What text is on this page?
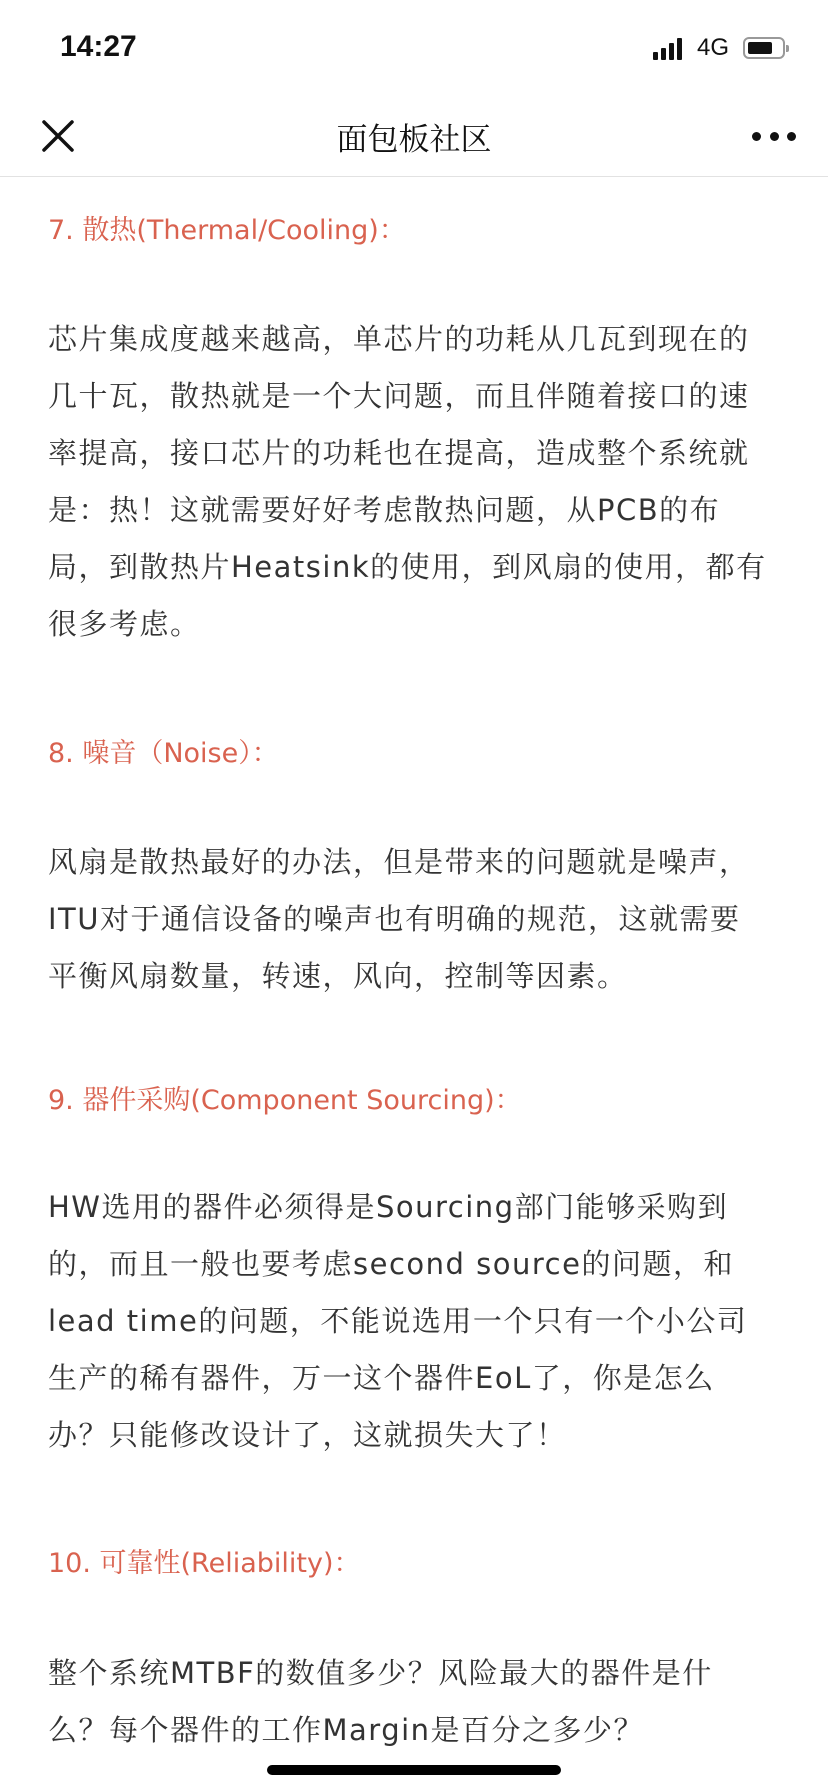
14:27	4G
面包板社区
7. 散热(Thermal/Cooling)：
芯片集成度越来越高，单芯片的功耗从几瓦到现在的
几十瓦，散热就是一个大问题，而且伴随着接口的速
率提高，接口芯片的功耗也在提高，造成整个系统就
是：热！这就需要好好考虑散热问题，从PCB的布
局，到散热片Heatsink的使用，到风扇的使用，都有
很多考虑。
8. 噪音（Noise）：
风扇是散热最好的办法，但是带来的问题就是噪声，
ITU对于通信设备的噪声也有明确的规范，这就需要
平衡风扇数量，转速，风向，控制等因素。
9. 器件采购(Component Sourcing)：
HW选用的器件必须得是Sourcing部门能够采购到
的，而且一般也要考虑second source的问题，和
lead time的问题，不能说选用一个只有一个小公司
生产的稀有器件，万一这个器件EoL了，你是怎么
办？只能修改设计了，这就损失大了！
10. 可靠性(Reliability)：
整个系统MTBF的数值多少？风险最大的器件是什
么？每个器件的工作Margin是百分之多少？
